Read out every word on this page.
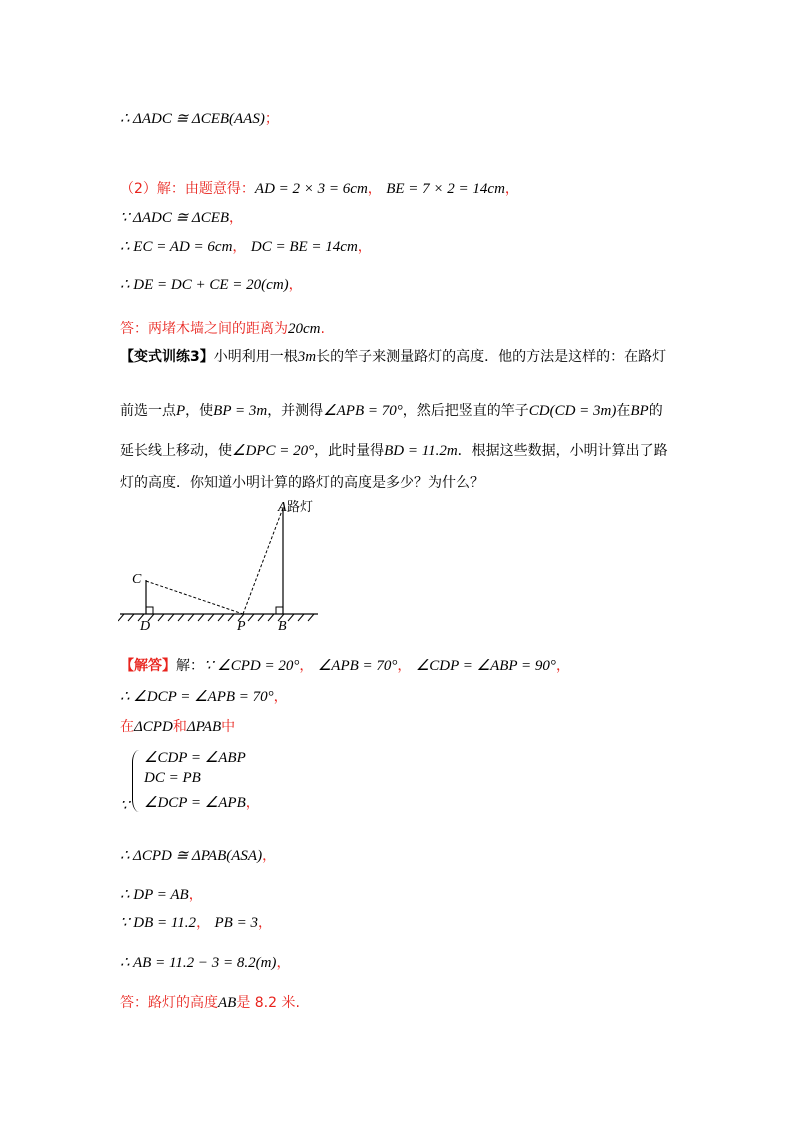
∴ ΔADC ≅ ΔCEB(AAS)；
（2）解：由题意得：AD = 2 × 3 = 6cm， BE = 7 × 2 = 14cm，
∵ ΔADC ≅ ΔCEB，
∴ EC = AD = 6cm， DC = BE = 14cm，
∴ DE = DC + CE = 20(cm)，
答：两堵木墙之间的距离为20cm.
【变式训练3】小明利用一根3m长的竿子来测量路灯的高度．他的方法是这样的：在路灯
前选一点P，使BP = 3m，并测得∠APB = 70°，然后把竖直的竿子CD(CD = 3m)在BP的
延长线上移动，使∠DPC = 20°，此时量得BD = 11.2m．根据这些数据，小明计算出了路
灯的高度．你知道小明计算的路灯的高度是多少？为什么？
A 路灯
C
D	P B
【解答】解：∵ ∠CPD = 20°， ∠APB = 70°， ∠CDP = ∠ABP = 90°，
∴ ∠DCP = ∠APB = 70°，
在ΔCPD和ΔPAB中
∵
∠CDP = ∠ABP
DC = PB
∠DCP = ∠APB，
∴ ΔCPD ≅ ΔPAB(ASA)，
∴ DP = AB，
∵ DB = 11.2， PB = 3，
∴ AB = 11.2 − 3 = 8.2(m)，
答：路灯的高度AB是 8.2 米.
